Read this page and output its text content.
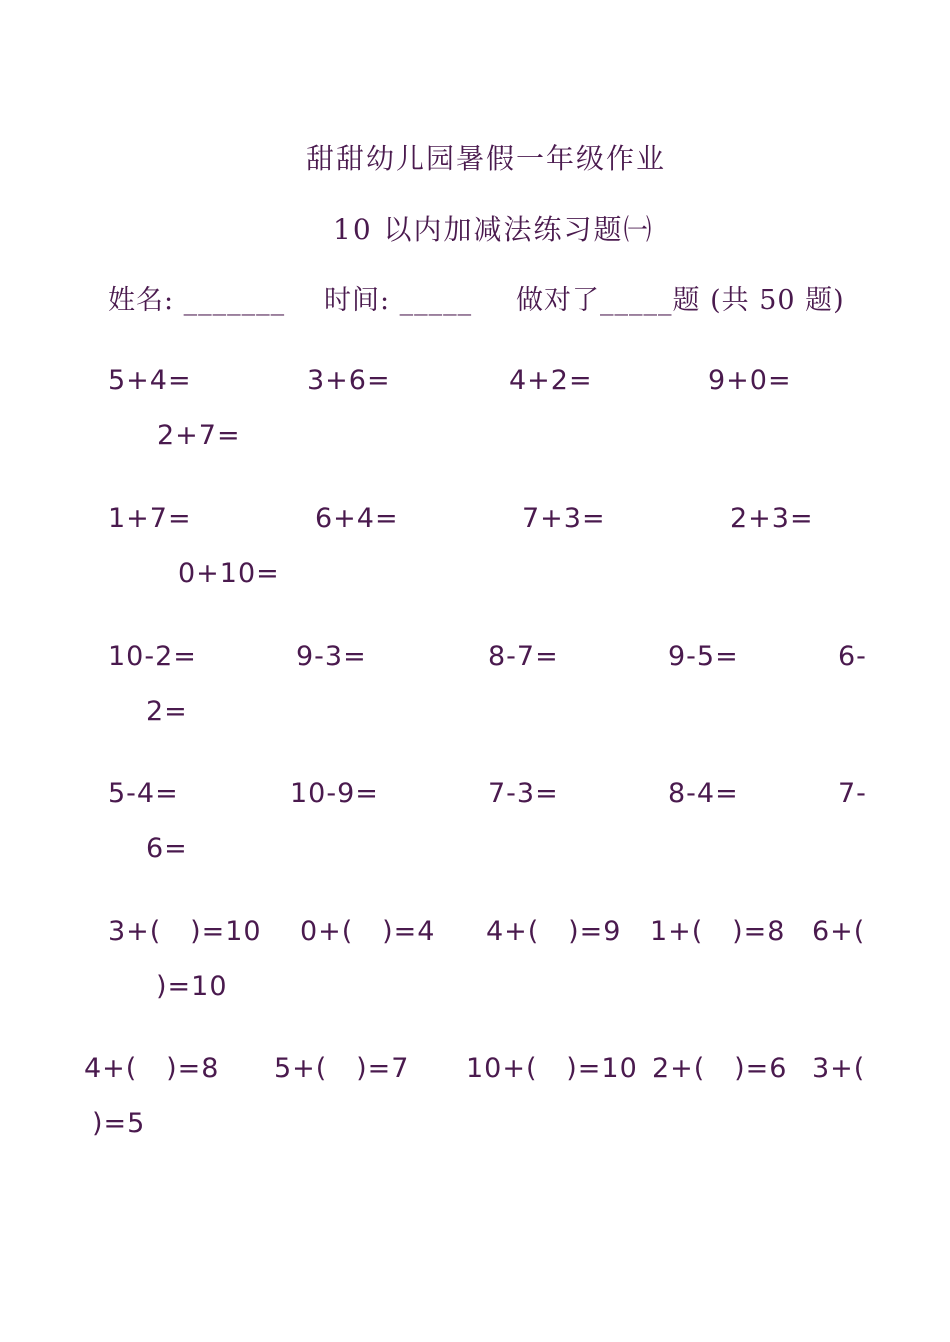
甜甜幼儿园暑假一年级作业
10 以内加减法练习题㈠
姓名: _______ 时间: _____ 做对了_____题 (共 50 题)
5+4=	3+6=	4+2=	9+0=
2+7=
1+7=	6+4=	7+3=	2+3=
0+10=
10-2=	9-3=	8-7=	9-5=	6-
2=
5-4=	10-9=	7-3=	8-4=	7-
6=
3+(   )=10 0+(   )=4 4+(   )=9 1+(   )=8 6+(
)=10
4+(   )=8 5+(   )=7 10+(   )=10 2+(   )=6 3+(
)=5
